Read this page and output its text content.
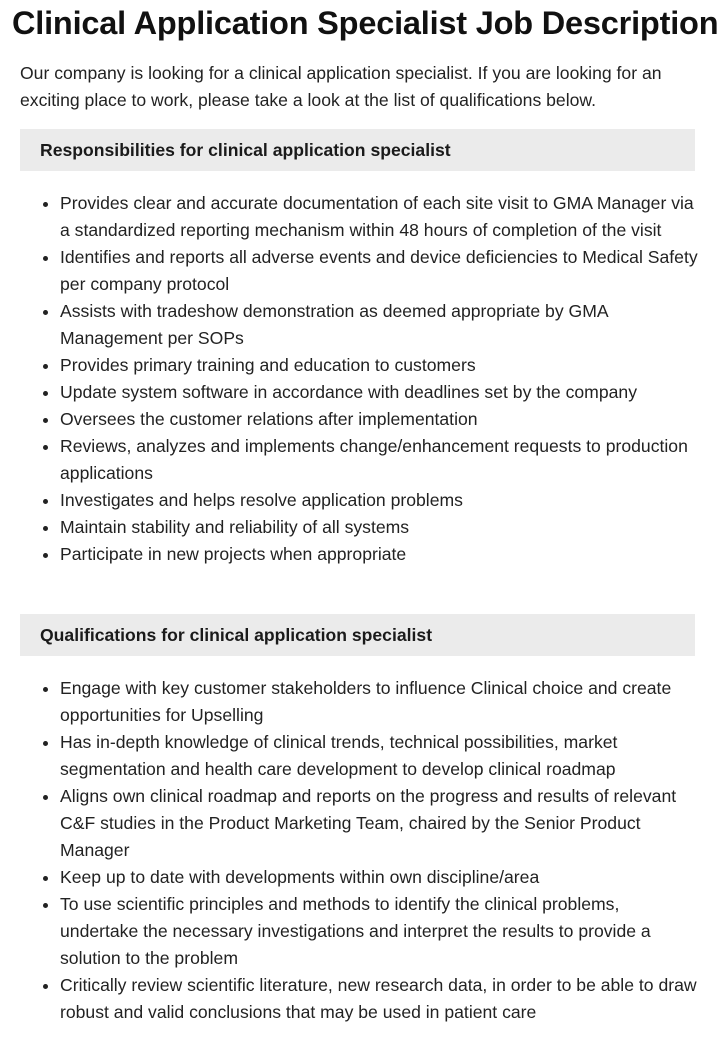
Clinical Application Specialist Job Description

Our company is looking for a clinical application specialist. If you are looking for an exciting place to work, please take a look at the list of qualifications below.

Responsibilities for clinical application specialist
• Provides clear and accurate documentation of each site visit to GMA Manager via a standardized reporting mechanism within 48 hours of completion of the visit
• Identifies and reports all adverse events and device deficiencies to Medical Safety per company protocol
• Assists with tradeshow demonstration as deemed appropriate by GMA Management per SOPs
• Provides primary training and education to customers
• Update system software in accordance with deadlines set by the company
• Oversees the customer relations after implementation
• Reviews, analyzes and implements change/enhancement requests to production applications
• Investigates and helps resolve application problems
• Maintain stability and reliability of all systems
• Participate in new projects when appropriate
Qualifications for clinical application specialist
• Engage with key customer stakeholders to influence Clinical choice and create opportunities for Upselling
• Has in-depth knowledge of clinical trends, technical possibilities, market segmentation and health care development to develop clinical roadmap
• Aligns own clinical roadmap and reports on the progress and results of relevant C&F studies in the Product Marketing Team, chaired by the Senior Product Manager
• Keep up to date with developments within own discipline/area
• To use scientific principles and methods to identify the clinical problems, undertake the necessary investigations and interpret the results to provide a solution to the problem
• Critically review scientific literature, new research data, in order to be able to draw robust and valid conclusions that may be used in patient care
